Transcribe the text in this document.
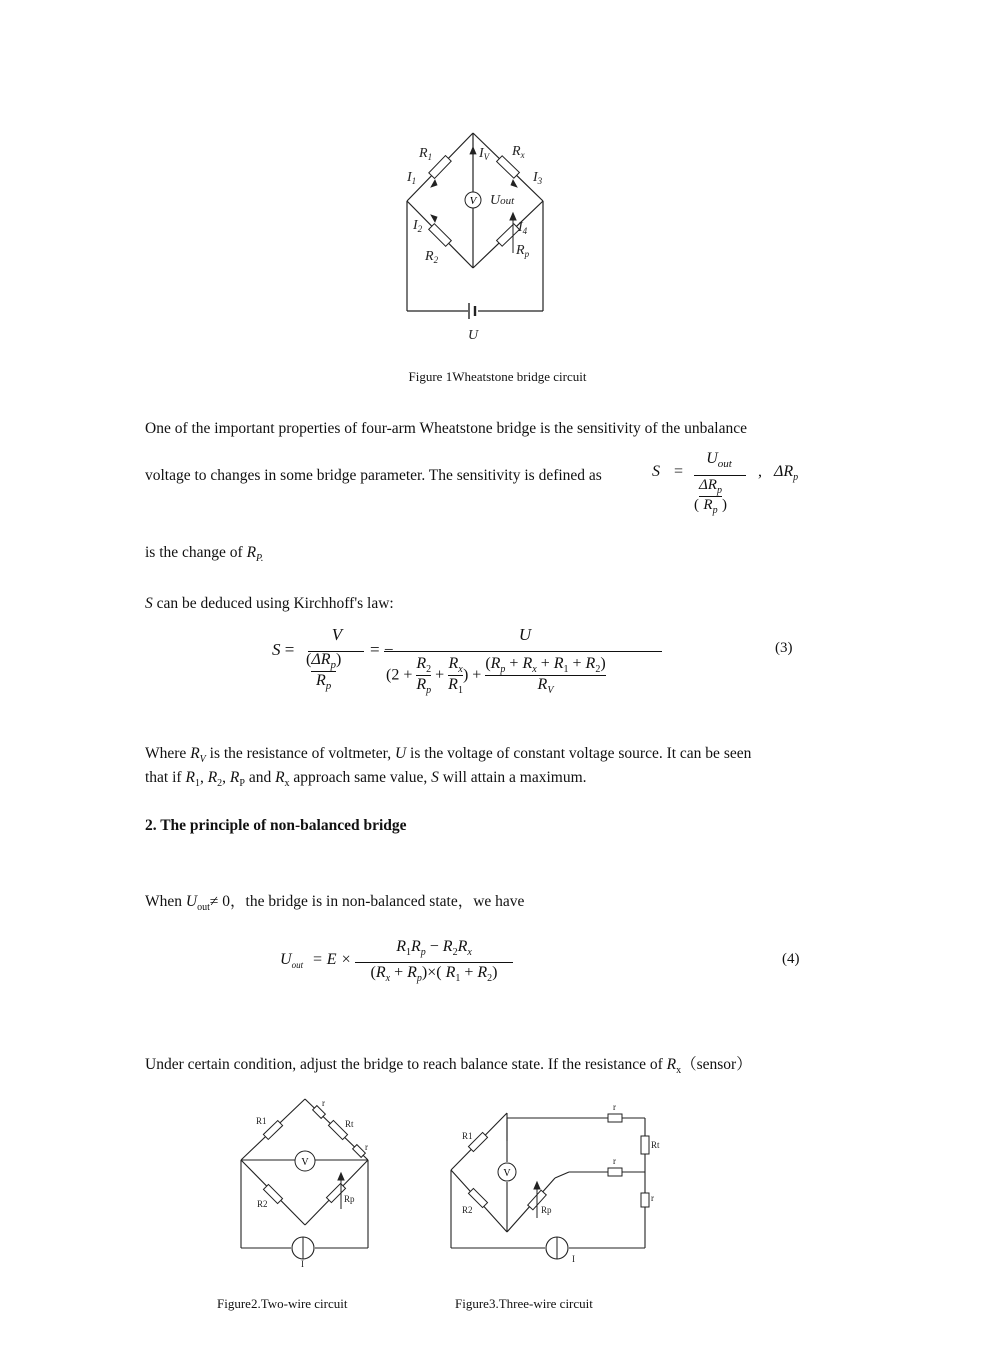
V
$R_1$	$R_x$
$I_V$
$I_1$	$I_3$
Uout
$I_2$	$I_4$
$R_2$
$R_p$
U
Figure 1Wheatstone bridge circuit
One of the important properties of four-arm Wheatstone bridge is the sensitivity of the unbalance
voltage to changes in some bridge parameter. The sensitivity is defined as	S =
$U_{out}$
(
$\Delta R_p$
$R_p$ )
, $\Delta R_p$
is the change of $R_{P.}$
S can be deduced using Kirchhoff's law:
S =
V
( $\Delta R_p$
$R_p$
)
= −
U
($2 + \frac{R_2}{R_p} + \frac{R_x}{R_1}$ ) + $\frac{(R_p + R_x + R_1 + R_2)}{R_V}$
(3)
Where $R_V$ is the resistance of voltmeter, U is the voltage of constant voltage source. It can be seen
that if $R_1$, $R_2$, $R_P$ and $R_x$ approach same value, S will attain a maximum.
2. The principle of non-balanced bridge
When $U_{out}\ne 0$，the bridge is in non-balanced state，we have
$U_{out} = E$ ×
$R_1R_p - R_2R_x$
$(R_x + R_p)\times$( $R_1 + R_2$)
(4)
Under certain condition, adjust the bridge to reach balance state. If the resistance of $R_x(sensor)$
V
R1
r
Rt
r
R2	Rp
I
Figure2.Two-wire circuit
V
R1
r
Rt
r
r
R2	Rp
I
Figure3.Three-wire circuit
